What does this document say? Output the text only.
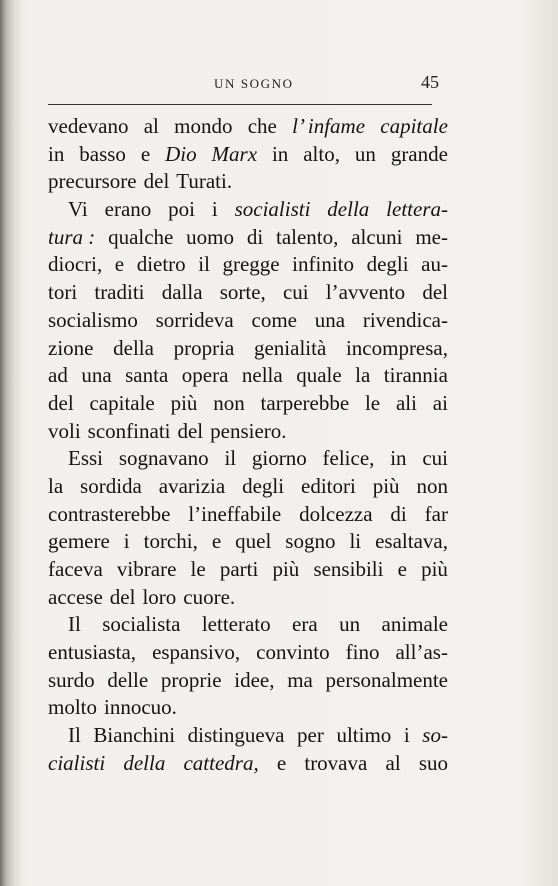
UN SOGNO	45
vedevano al mondo che l’ infame capitale
in basso e Dio Marx in alto, un grande
precursore del Turati.
Vi erano poi i socialisti della lettera-
tura : qualche uomo di talento, alcuni me-
diocri, e dietro il gregge infinito degli au-
tori traditi dalla sorte, cui l’avvento del
socialismo sorrideva come una rivendica-
zione della propria genialità incompresa,
ad una santa opera nella quale la tirannia
del capitale più non tarperebbe le ali ai
voli sconfinati del pensiero.
Essi sognavano il giorno felice, in cui
la sordida avarizia degli editori più non
contrasterebbe l’ineffabile dolcezza di far
gemere i torchi, e quel sogno li esaltava,
faceva vibrare le parti più sensibili e più
accese del loro cuore.
Il socialista letterato era un animale
entusiasta, espansivo, convinto fino all’as-
surdo delle proprie idee, ma personalmente
molto innocuo.
Il Bianchini distingueva per ultimo i so-
cialisti della cattedra, e trovava al suo
